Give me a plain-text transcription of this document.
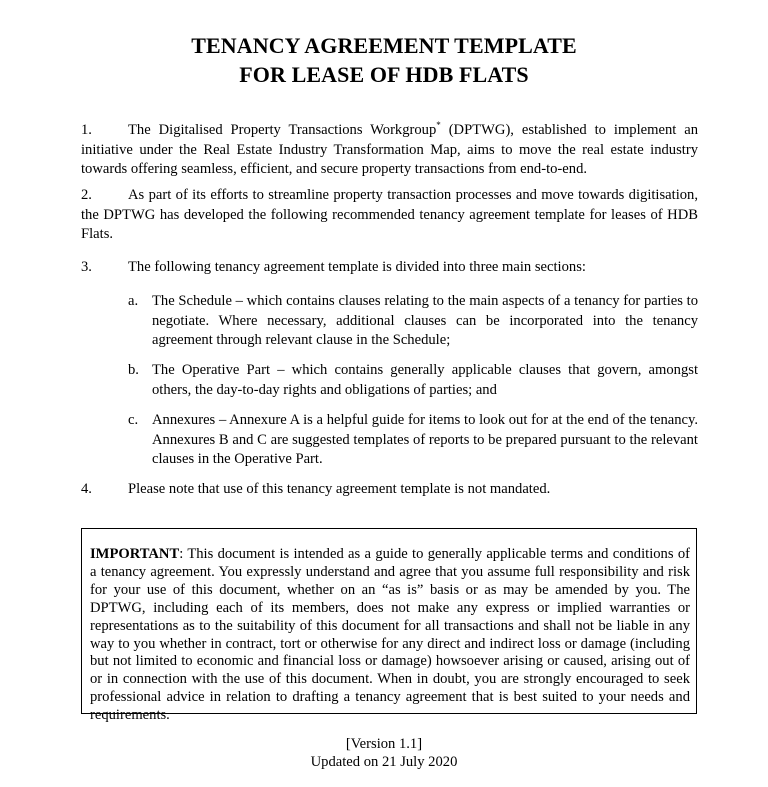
TENANCY AGREEMENT TEMPLATE
FOR LEASE OF HDB FLATS
1. The Digitalised Property Transactions Workgroup* (DPTWG), established to implement an initiative under the Real Estate Industry Transformation Map, aims to move the real estate industry towards offering seamless, efficient, and secure property transactions from end-to-end.
2. As part of its efforts to streamline property transaction processes and move towards digitisation, the DPTWG has developed the following recommended tenancy agreement template for leases of HDB Flats.
3. The following tenancy agreement template is divided into three main sections:
a. The Schedule – which contains clauses relating to the main aspects of a tenancy for parties to negotiate. Where necessary, additional clauses can be incorporated into the tenancy agreement through relevant clause in the Schedule;
b. The Operative Part – which contains generally applicable clauses that govern, amongst others, the day-to-day rights and obligations of parties; and
c. Annexures – Annexure A is a helpful guide for items to look out for at the end of the tenancy. Annexures B and C are suggested templates of reports to be prepared pursuant to the relevant clauses in the Operative Part.
4. Please note that use of this tenancy agreement template is not mandated.
IMPORTANT: This document is intended as a guide to generally applicable terms and conditions of a tenancy agreement. You expressly understand and agree that you assume full responsibility and risk for your use of this document, whether on an “as is” basis or as may be amended by you. The DPTWG, including each of its members, does not make any express or implied warranties or representations as to the suitability of this document for all transactions and shall not be liable in any way to you whether in contract, tort or otherwise for any direct and indirect loss or damage (including but not limited to economic and financial loss or damage) howsoever arising or caused, arising out of or in connection with the use of this document. When in doubt, you are strongly encouraged to seek professional advice in relation to drafting a tenancy agreement that is best suited to your needs and requirements.
[Version 1.1]
Updated on 21 July 2020
